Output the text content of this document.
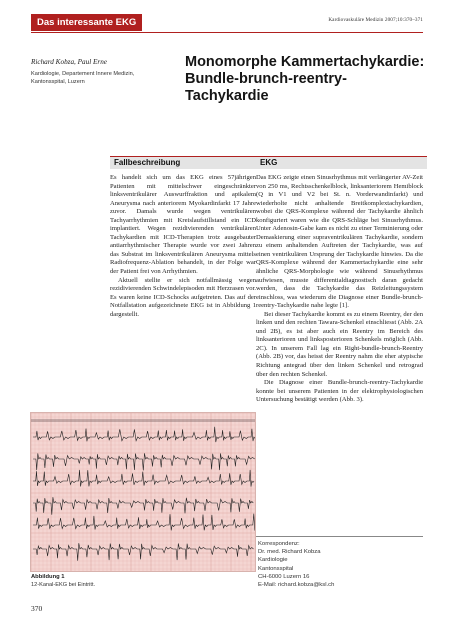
Das interessante EKG	Kardiovaskuläre Medizin 2007;10:370–371
Richard Kobza, Paul Erne
Kardiologie, Departement Innere Medizin,
Kantonsspital, Luzern
Monomorphe Kammertachykardie: Bundle-brunch-reentry-Tachykardie
Fallbeschreibung	EKG

Es handelt sich um das EKG eines 57jährigen Patienten mit mittelschwer eingeschränkter linksventrikulärer Auswurffraktion und apikalem Aneurysma nach anteriorem Myokardinfarkt 17 Jahre zuvor. Damals wurde wegen ventrikulären Tachyarrhythmien mit Kreislaufstillstand ein ICD implantiert. Wegen rezidivierenden ventrikulären Tachykardien mit ICD-Therapien trotz ausgebauter antiarrhythmischer Therapie wurde vor zwei Jahren das Substrat im linksventrikulären Aneurysma mittels Radiofrequenz-Ablation behandelt, in der Folge war der Patient frei von Arrhythmien.

Aktuell stellte er sich notfallmässig wegen rezidivierenden Schwindelepisoden mit Herzrasen vor. Es waren keine ICD-Schocks aufgetreten. Das auf der Notfallstation aufgezeichnete EKG ist in Abbildung 1 dargestellt.

Das EKG zeigte einen Sinusrhythmus mit verlängerter AV-Zeit von 250 ms, Rechtsschenkelblock, linksanteriorem Hemiblock (Q in V1 und V2 bei St. n. Vorderwandinfarkt) und wiederholte nicht anhaltende Breitkomplextachykardien, wobei die QRS-Komplexe während der Tachykardie ähnlich konfiguriert waren wie die QRS-Schläge bei Sinusrhythmus. Unter Adenosin-Gabe kam es nicht zu einer Terminierung oder Demaskierung einer supraventrikulären Tachykardie, sondern zu einem anhaltenden Auftreten der Tachykardie, was auf einen ventrikulären Ursprung der Tachykardie hinwies. Da die QRS-Komplexe während der Kammertachykardie eine sehr ähnliche QRS-Morphologie wie während Sinusrhythmus aufwiesen, musste differentialdiagnostisch daran gedacht werden, dass die Tachykardie das Reizleitungssystem einschloss, was wiederum die Diagnose einer Bundle-brunch-reentry-Tachykardie nahe legte [1].

Bei dieser Tachykardie kommt es zu einem Reentry, der den linken und den rechten Tawara-Schenkel einschliesst (Abb. 2A und 2B), es ist aber auch ein Reentry im Bereich des linksanterioren und linksposterioren Schenkels möglich (Abb. 2C). In unserem Fall lag ein Right-bundle-brunch-Reentry (Abb. 2B) vor, das heisst der Reentry nahm die eher atypische Richtung antegrad über den linken Schenkel und retrograd über den rechten Schenkel.

Die Diagnose einer Bundle-brunch-reentry-Tachykardie konnte bei unserem Patienten in der elektrophysiologischen Untersuchung bestätigt werden (Abb. 3).

Abbildung 1
12-Kanal-EKG bei Eintritt.
Korrespondenz:
Dr. med. Richard Kobza
Kardiologie
Kantonsspital
CH-6000 Luzern 16
E-Mail: richard.kobza@ksl.ch
370
